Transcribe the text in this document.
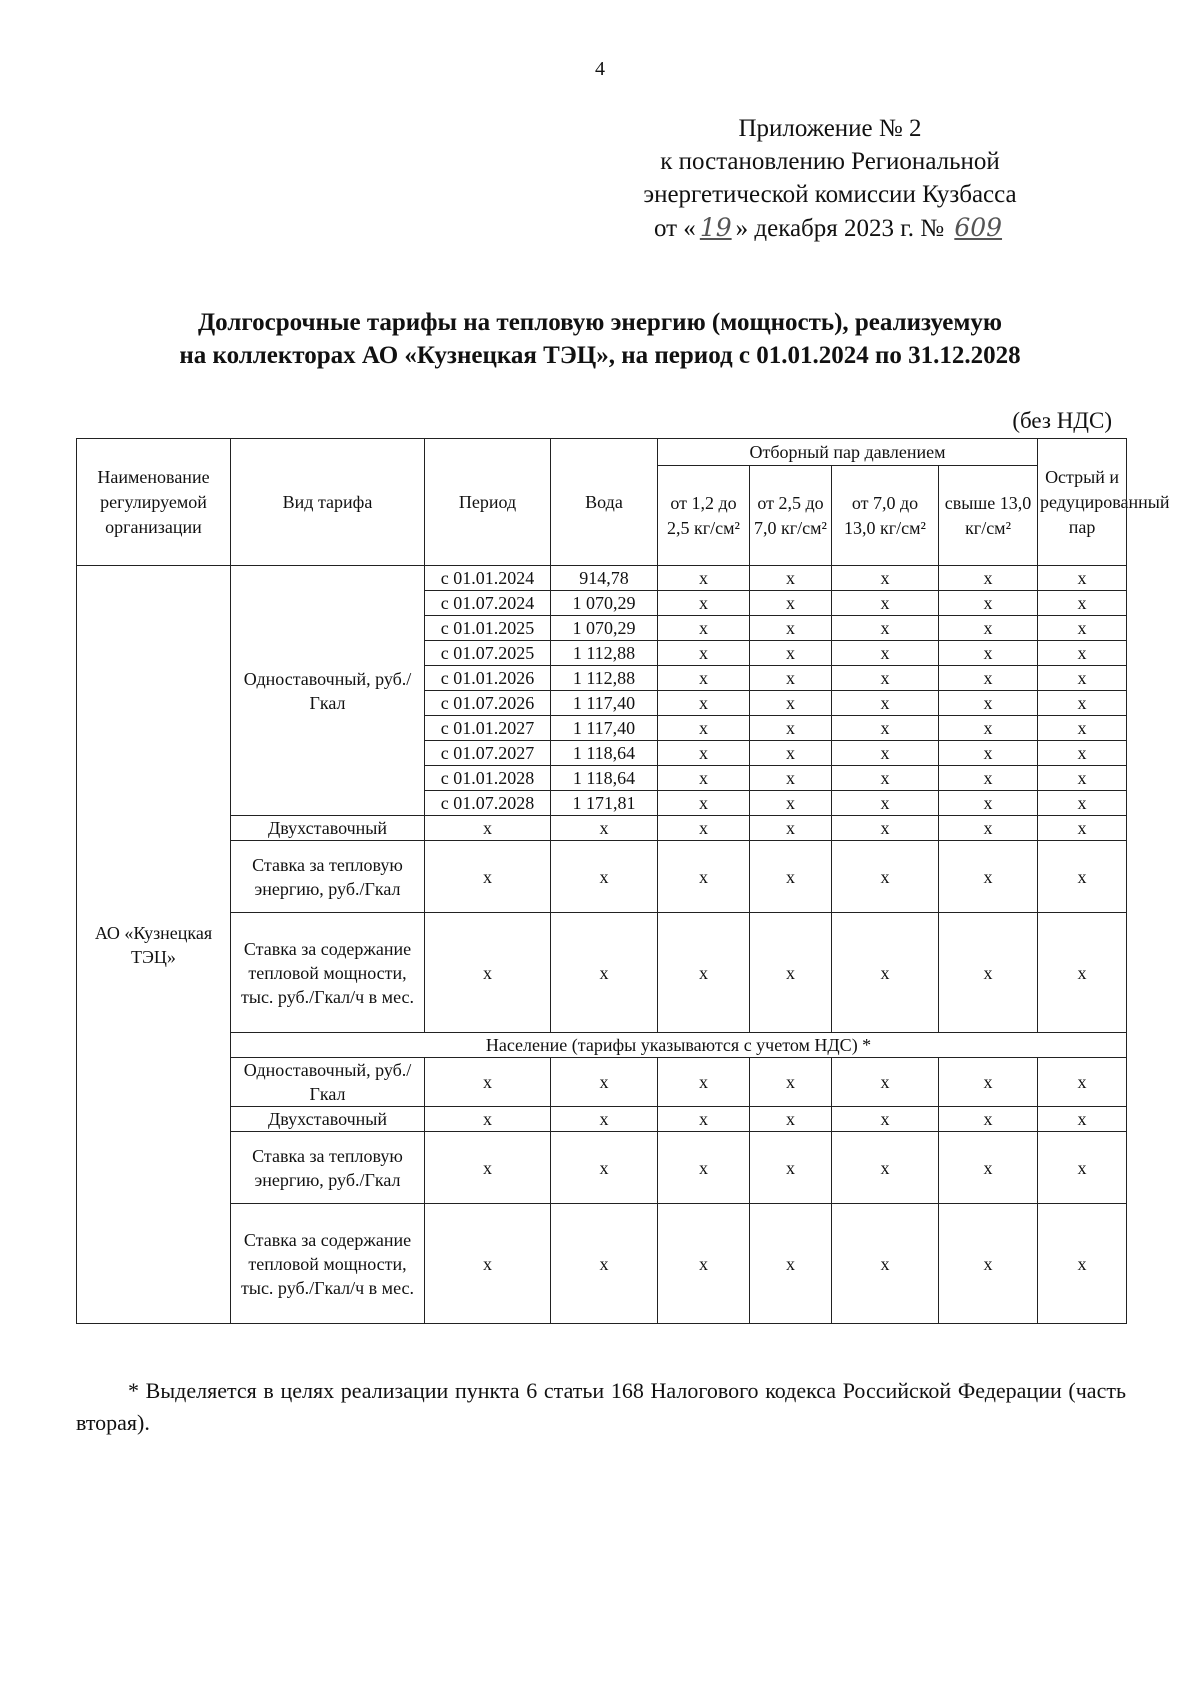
4
Приложение № 2
к постановлению Региональной
энергетической комиссии Кузбасса
от « 19 » декабря 2023 г. № 609
Долгосрочные тарифы на тепловую энергию (мощность), реализуемую
на коллекторах АО «Кузнецкая ТЭЦ», на период с 01.01.2024 по 31.12.2028
(без НДС)
Наименование регулируемой организации	Вид тарифа	Период	Вода	Отборный пар давлением				Острый и редуцированный пар
				от 1,2 до 2,5 кг/см²	от 2,5 до 7,0 кг/см²	от 7,0 до 13,0 кг/см²	свыше 13,0 кг/см²	
АО «Кузнецкая ТЭЦ»	Одноставочный, руб./Гкал	с 01.01.2024	914,78	x	x	x	x	x
		с 01.07.2024	1 070,29	x	x	x	x	x
		с 01.01.2025	1 070,29	x	x	x	x	x
		с 01.07.2025	1 112,88	x	x	x	x	x
		с 01.01.2026	1 112,88	x	x	x	x	x
		с 01.07.2026	1 117,40	x	x	x	x	x
		с 01.01.2027	1 117,40	x	x	x	x	x
		с 01.07.2027	1 118,64	x	x	x	x	x
		с 01.01.2028	1 118,64	x	x	x	x	x
		с 01.07.2028	1 171,81	x	x	x	x	x
	Двухставочный	x	x	x	x	x	x	x
	Ставка за тепловую энергию, руб./Гкал	x	x	x	x	x	x	x
	Ставка за содержание тепловой мощности, тыс. руб./Гкал/ч в мес.	x	x	x	x	x	x	x
	Население (тарифы указываются с учетом НДС) *							
	Одноставочный, руб./Гкал	x	x	x	x	x	x	x
	Двухставочный	x	x	x	x	x	x	x
	Ставка за тепловую энергию, руб./Гкал	x	x	x	x	x	x	x
	Ставка за содержание тепловой мощности, тыс. руб./Гкал/ч в мес.	x	x	x	x	x	x	x
* Выделяется в целях реализации пункта 6 статьи 168 Налогового кодекса Российской Федерации (часть вторая).
